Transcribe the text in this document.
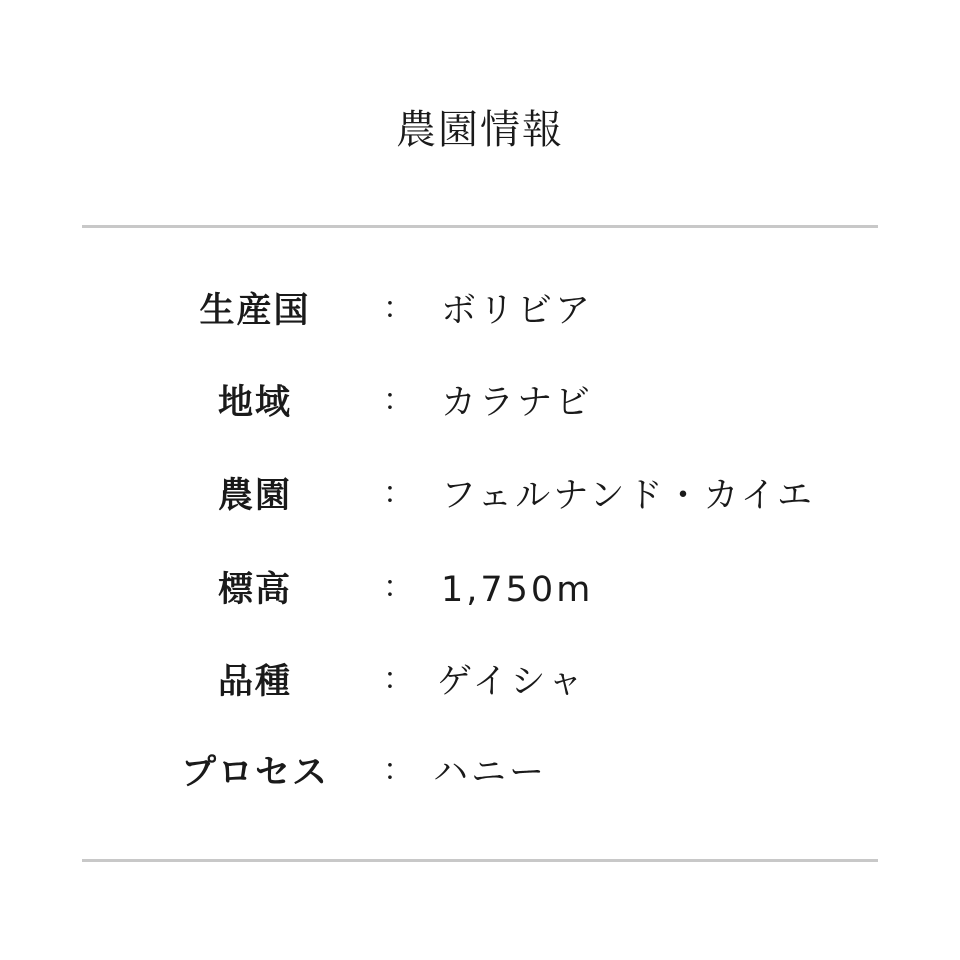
農園情報
生産国	： ボリビア
地域	： カラナビ
農園	： フェルナンド・カイエ
標高	： 1,750m
品種	： ゲイシャ
プロセス	： ハニー
